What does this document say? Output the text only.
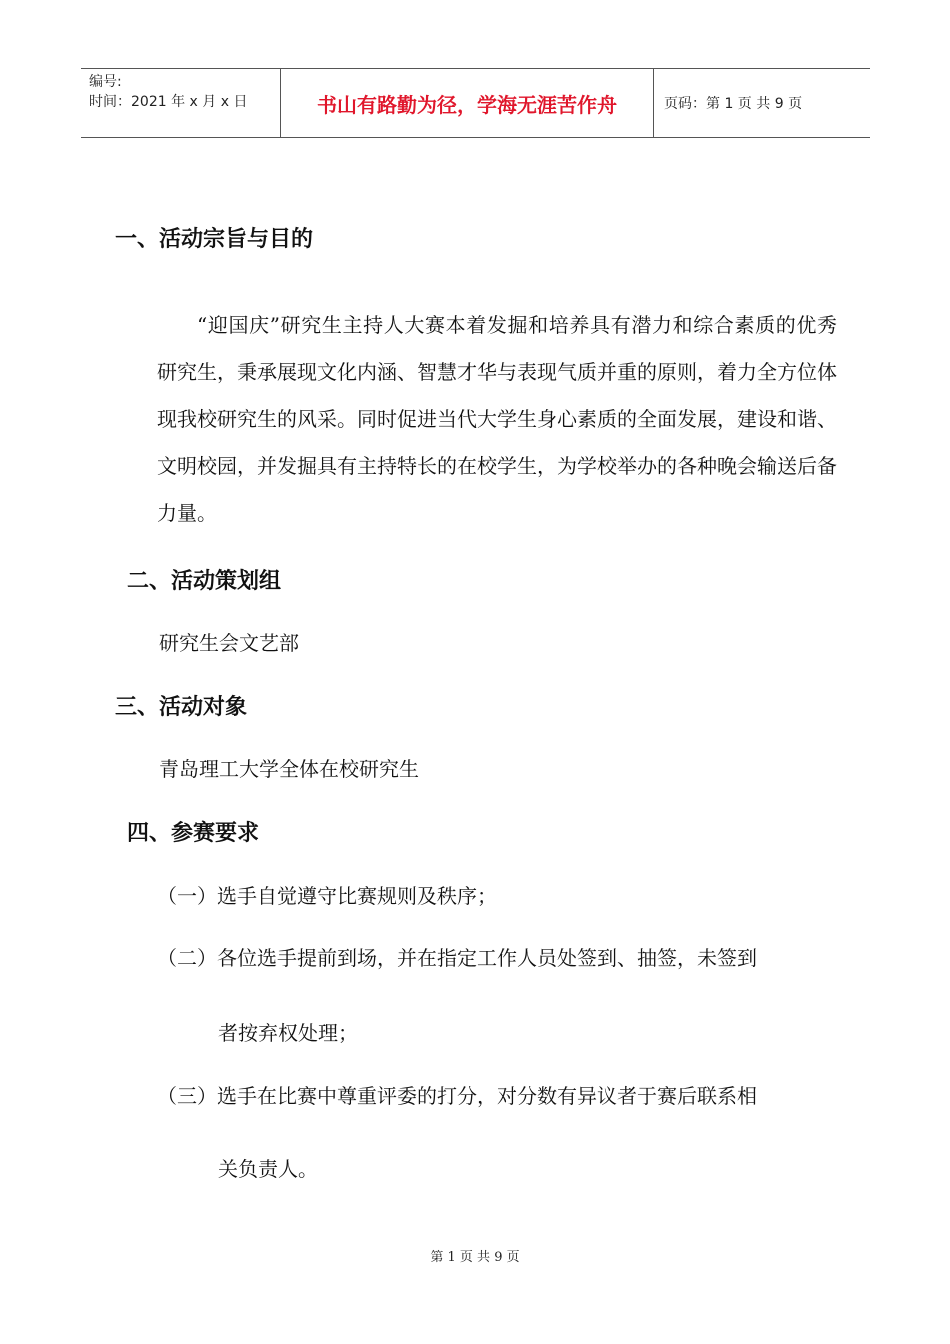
编号:
时间：2021 年 x 月 x 日	书山有路勤为径，学海无涯苦作舟	页码：第 1 页 共 9 页
一、活动宗旨与目的
“迎国庆”研究生主持人大赛本着发掘和培养具有潜力和综合素质的优秀研究生，秉承展现文化内涵、智慧才华与表现气质并重的原则，着力全方位体现我校研究生的风采。同时促进当代大学生身心素质的全面发展，建设和谐、文明校园，并发掘具有主持特长的在校学生，为学校举办的各种晚会输送后备力量。
二、活动策划组
研究生会文艺部
三、活动对象
青岛理工大学全体在校研究生
四、参赛要求
（一）选手自觉遵守比赛规则及秩序；
（二）各位选手提前到场，并在指定工作人员处签到、抽签，未签到
者按弃权处理；
（三）选手在比赛中尊重评委的打分，对分数有异议者于赛后联系相
关负责人。
第 1 页 共 9 页
